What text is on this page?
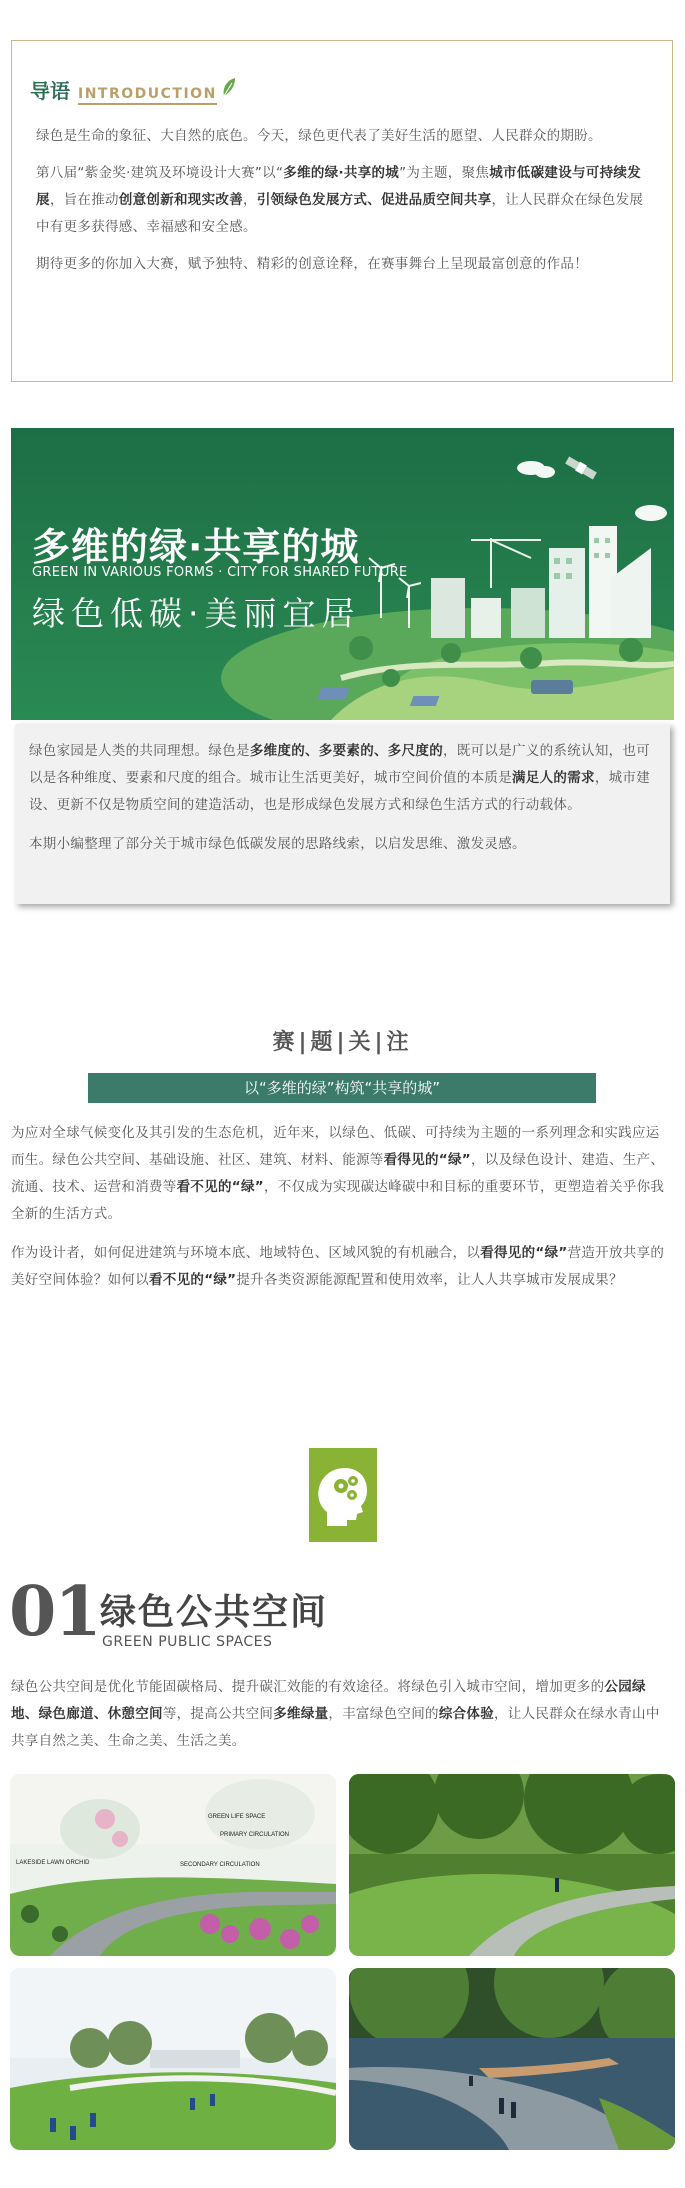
导语 INTRODUCTION

绿色是生命的象征、大自然的底色。今天，绿色更代表了美好生活的愿望、人民群众的期盼。

第八届“紫金奖·建筑及环境设计大赛”以“多维的绿·共享的城”为主题，聚焦城市低碳建设与可持续发展，旨在推动创意创新和现实改善，引领绿色发展方式、促进品质空间共享，让人民群众在绿色发展中有更多获得感、幸福感和安全感。

期待更多的你加入大赛，赋予独特、精彩的创意诠释，在赛事舞台上呈现最富创意的作品！

多维的绿·共享的城
GREEN IN VARIOUS FORMS · CITY FOR SHARED FUTURE
绿色低碳·美丽宜居

绿色家园是人类的共同理想。绿色是多维度的、多要素的、多尺度的，既可以是广义的系统认知，也可以是各种维度、要素和尺度的组合。城市让生活更美好，城市空间价值的本质是满足人的需求，城市建设、更新不仅是物质空间的建造活动，也是形成绿色发展方式和绿色生活方式的行动载体。

本期小编整理了部分关于城市绿色低碳发展的思路线索，以启发思维、激发灵感。

赛|题|关|注
以“多维的绿”构筑“共享的城”

为应对全球气候变化及其引发的生态危机，近年来，以绿色、低碳、可持续为主题的一系列理念和实践应运而生。绿色公共空间、基础设施、社区、建筑、材料、能源等看得见的“绿”，以及绿色设计、建造、生产、流通、技术、运营和消费等看不见的“绿”，不仅成为实现碳达峰碳中和目标的重要环节，更塑造着关乎你我全新的生活方式。

作为设计者，如何促进建筑与环境本底、地域特色、区域风貌的有机融合，以看得见的“绿”营造开放共享的美好空间体验？如何以看不见的“绿”提升各类资源能源配置和使用效率，让人人共享城市发展成果？

01 绿色公共空间
GREEN PUBLIC SPACES

绿色公共空间是优化节能固碳格局、提升碳汇效能的有效途径。将绿色引入城市空间，增加更多的公园绿地、绿色廊道、休憩空间等，提高公共空间多维绿量，丰富绿色空间的综合体验，让人民群众在绿水青山中共享自然之美、生命之美、生活之美。

GREEN LIFE SPACE
PRIMARY CIRCULATION
LAKESIDE LAWN ORCHID	SECONDARY CIRCULATION
